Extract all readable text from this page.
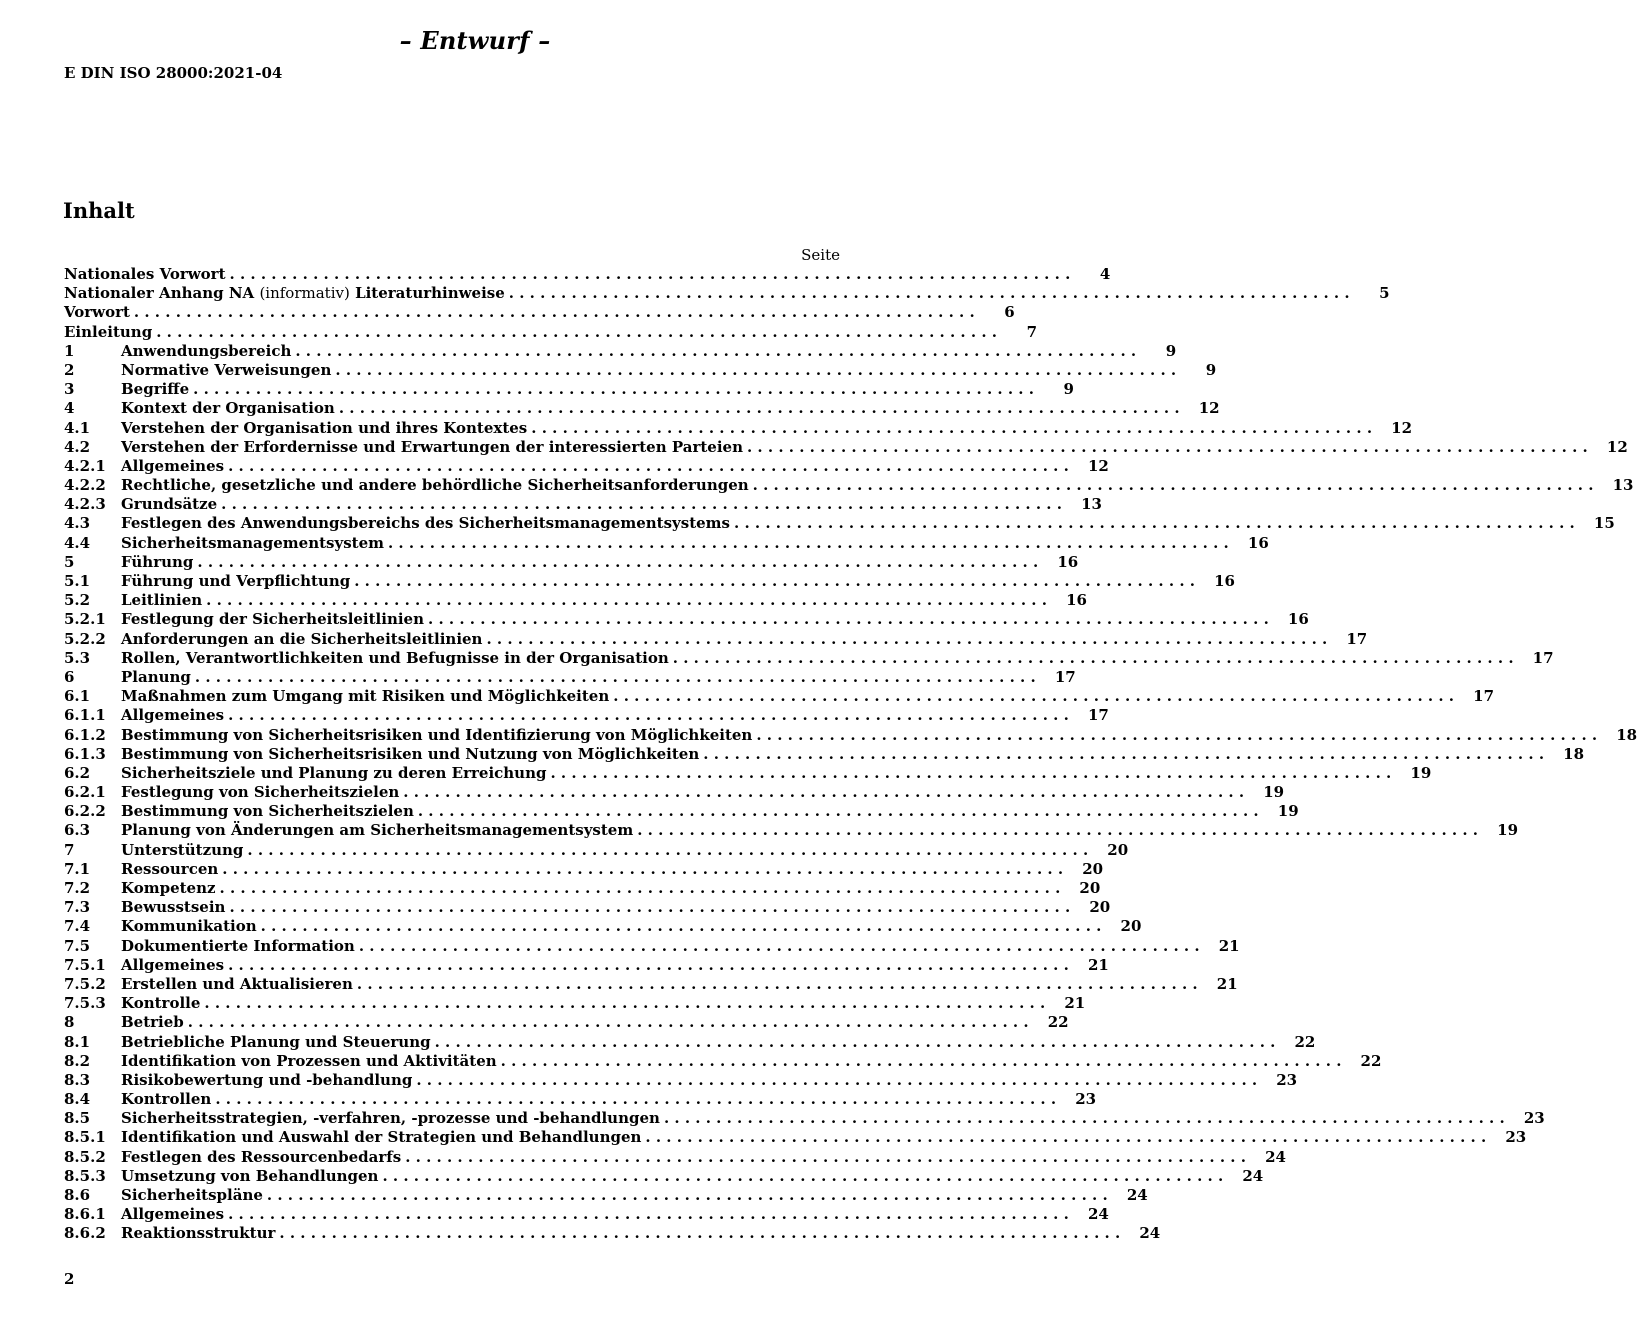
– Entwurf –
E DIN ISO 28000:2021-04
Inhalt
Seite
Nationales Vorwort . . .	4
Nationaler Anhang NA (informativ) Literaturhinweise . . .	5
Vorwort . . .	6
Einleitung . . .	7
1	Anwendungsbereich . . .	9
2	Normative Verweisungen . . .	9
3	Begriffe . . .	9
4	Kontext der Organisation . . .	12
4.1	Verstehen der Organisation und ihres Kontextes . . .	12
4.2	Verstehen der Erfordernisse und Erwartungen der interessierten Parteien . . .	12
4.2.1	Allgemeines . . .	12
4.2.2	Rechtliche, gesetzliche und andere behördliche Sicherheitsanforderungen . . .	13
4.2.3	Grundsätze . . .	13
4.3	Festlegen des Anwendungsbereichs des Sicherheitsmanagementsystems . . .	15
4.4	Sicherheitsmanagementsystem . . .	16
5	Führung . . .	16
5.1	Führung und Verpflichtung . . .	16
5.2	Leitlinien . . .	16
5.2.1	Festlegung der Sicherheitsleitlinien . . .	16
5.2.2	Anforderungen an die Sicherheitsleitlinien . . .	17
5.3	Rollen, Verantwortlichkeiten und Befugnisse in der Organisation . . .	17
6	Planung . . .	17
6.1	Maßnahmen zum Umgang mit Risiken und Möglichkeiten . . .	17
6.1.1	Allgemeines . . .	17
6.1.2	Bestimmung von Sicherheitsrisiken und Identifizierung von Möglichkeiten . . .	18
6.1.3	Bestimmung von Sicherheitsrisiken und Nutzung von Möglichkeiten . . .	18
6.2	Sicherheitsziele und Planung zu deren Erreichung . . .	19
6.2.1	Festlegung von Sicherheitszielen . . .	19
6.2.2	Bestimmung von Sicherheitszielen . . .	19
6.3	Planung von Änderungen am Sicherheitsmanagementsystem . . .	19
7	Unterstützung . . .	20
7.1	Ressourcen . . .	20
7.2	Kompetenz . . .	20
7.3	Bewusstsein . . .	20
7.4	Kommunikation . . .	20
7.5	Dokumentierte Information . . .	21
7.5.1	Allgemeines . . .	21
7.5.2	Erstellen und Aktualisieren . . .	21
7.5.3	Kontrolle . . .	21
8	Betrieb . . .	22
8.1	Betriebliche Planung und Steuerung . . .	22
8.2	Identifikation von Prozessen und Aktivitäten . . .	22
8.3	Risikobewertung und -behandlung . . .	23
8.4	Kontrollen . . .	23
8.5	Sicherheitsstrategien, -verfahren, -prozesse und -behandlungen . . .	23
8.5.1	Identifikation und Auswahl der Strategien und Behandlungen . . .	23
8.5.2	Festlegen des Ressourcenbedarfs . . .	24
8.5.3	Umsetzung von Behandlungen . . .	24
8.6	Sicherheitspläne . . .	24
8.6.1	Allgemeines . . .	24
8.6.2	Reaktionsstruktur . . .	24
2
